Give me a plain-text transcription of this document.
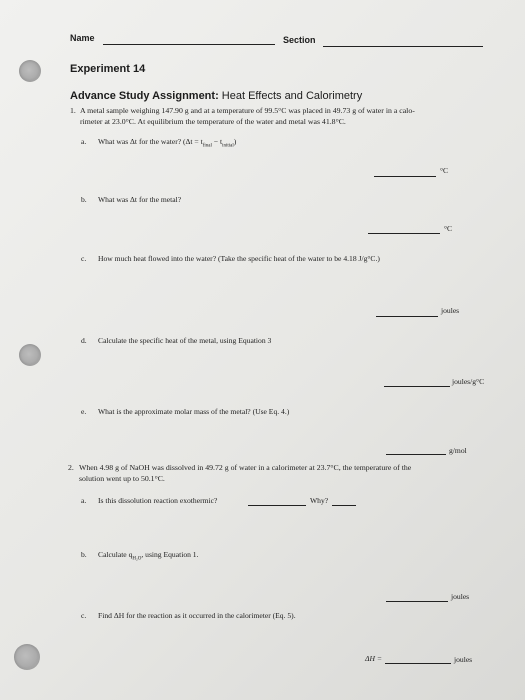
Name	Section
Experiment 14
Advance Study Assignment: Heat Effects and Calorimetry
1. A metal sample weighing 147.90 g and at a temperature of 99.5°C was placed in 49.73 g of water in a calo-
rimeter at 23.0°C. At equilibrium the temperature of the water and metal was 41.8°C.
a. What was Δt for the water? $(\Delta t = t_{final} - t_{initial})$
°C
b. What was Δt for the metal?
°C
c. How much heat flowed into the water? (Take the specific heat of the water to be 4.18 J/g°C.)
joules
d. Calculate the specific heat of the metal, using Equation 3
joules/g°C
e. What is the approximate molar mass of the metal? (Use Eq. 4.)
g/mol
2. When 4.98 g of NaOH was dissolved in 49.72 g of water in a calorimeter at 23.7°C, the temperature of the
solution went up to 50.1°C.
a. Is this dissolution reaction exothermic?	Why?
b. Calculate $q_{H_2O}$, using Equation 1.
joules
c. Find ΔH for the reaction as it occurred in the calorimeter (Eq. 5).
ΔH =	joules
